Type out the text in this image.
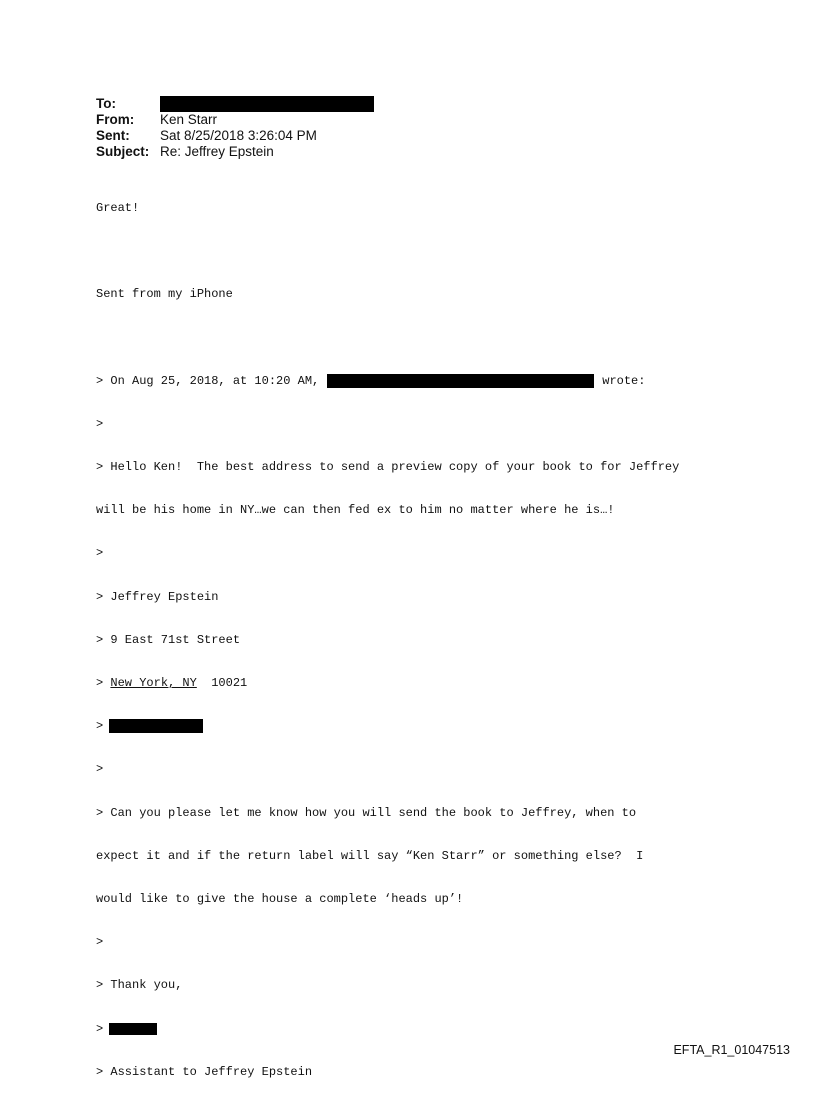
To:
From:	Ken Starr
Sent:	Sat 8/25/2018 3:26:04 PM
Subject: Re: Jeffrey Epstein

Great!

Sent from my iPhone

> On Aug 25, 2018, at 10:20 AM,	wrote:

>

> Hello Ken!  The best address to send a preview copy of your book to for Jeffrey

will be his home in NY…we can then fed ex to him no matter where he is…!

>

> Jeffrey Epstein

> 9 East 71st Street

> New York, NY  10021

>

>

> Can you please let me know how you will send the book to Jeffrey, when to

expect it and if the return label will say “Ken Starr” or something else?  I

would like to give the house a complete ‘heads up’!

>

> Thank you,

>

> Assistant to Jeffrey Epstein

EFTA_R1_01047513
